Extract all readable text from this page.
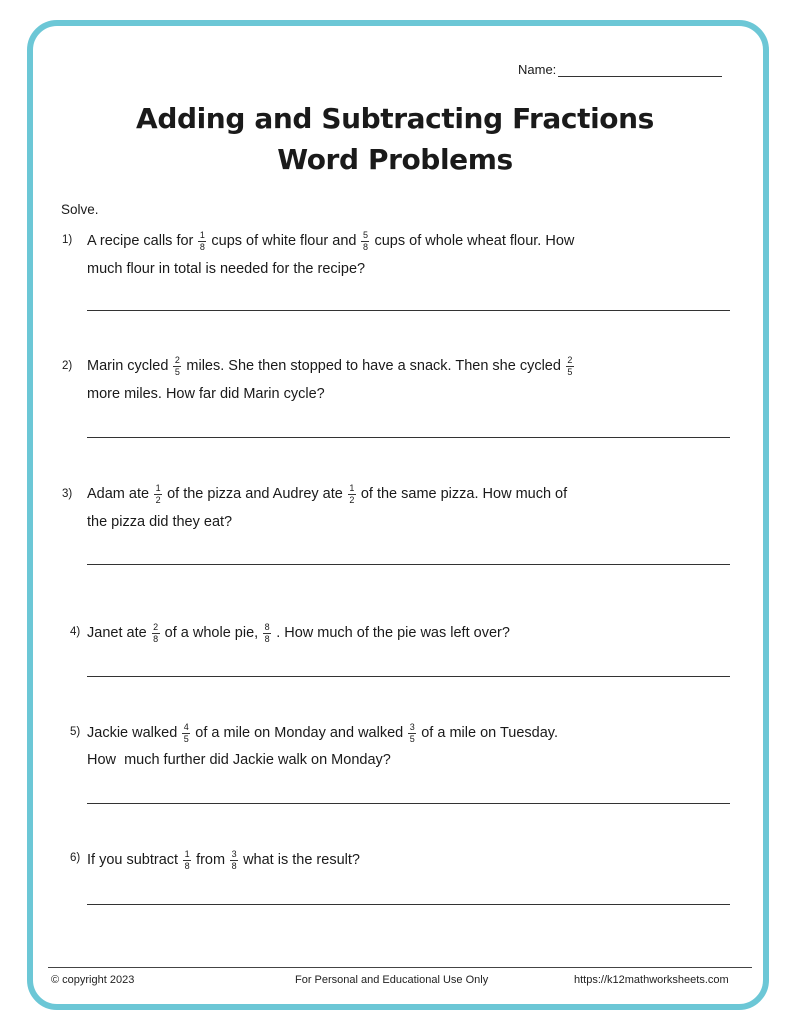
Name:
Adding and Subtracting Fractions
Word Problems
Solve.
1) A recipe calls for $\frac{1}{8}$ cups of white flour and $\frac{5}{8}$ cups of whole wheat flour. How
much flour in total is needed for the recipe?
2) Marin cycled $\frac{2}{5}$ miles. She then stopped to have a snack. Then she cycled $\frac{2}{5}$
more miles. How far did Marin cycle?
3) Adam ate $\frac{1}{2}$ of the pizza and Audrey ate $\frac{1}{2}$ of the same pizza. How much of
the pizza did they eat?
4) Janet ate $\frac{2}{8}$ of a whole pie, $\frac{8}{8}$ . How much of the pie was left over?
5) Jackie walked $\frac{4}{5}$ of a mile on Monday and walked $\frac{3}{5}$ of a mile on Tuesday.
How  much further did Jackie walk on Monday?
6) If you subtract $\frac{1}{8}$ from $\frac{3}{8}$ what is the result?
© copyright 2023	For Personal and Educational Use Only	https://k12mathworksheets.com
